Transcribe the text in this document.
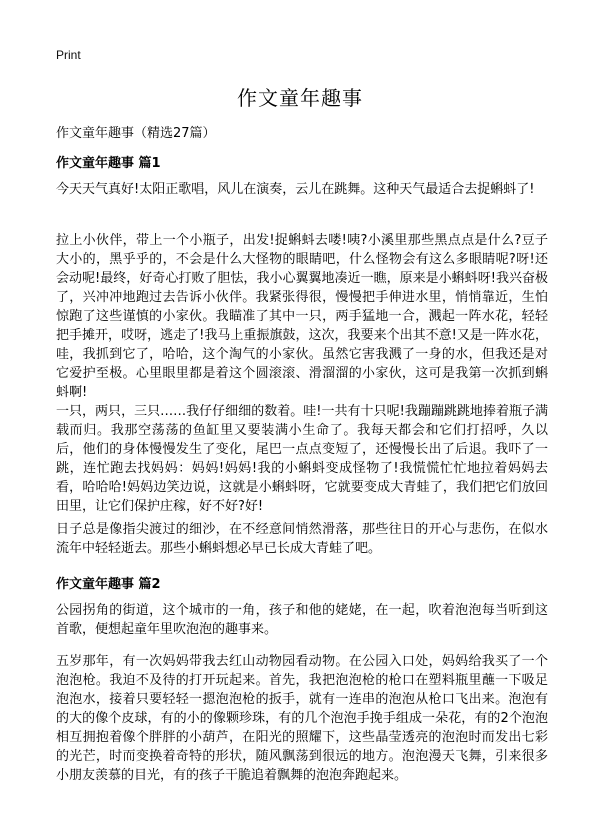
Print
作文童年趣事
作文童年趣事（精选27篇）
作文童年趣事 篇1
今天天气真好!太阳正歌唱，风儿在演奏，云儿在跳舞。这种天气最适合去捉蝌蚪了!
拉上小伙伴，带上一个小瓶子，出发!捉蝌蚪去喽!咦?小溪里那些黑点点是什么?豆子大小的，黑乎乎的，不会是什么大怪物的眼睛吧，什么怪物会有这么多眼睛呢?呀!还会动呢!最终，好奇心打败了胆怯，我小心翼翼地凑近一瞧，原来是小蝌蚪呀!我兴奋极了，兴冲冲地跑过去告诉小伙伴。我紧张得很，慢慢把手伸进水里，悄悄靠近，生怕惊跑了这些谨慎的小家伙。我瞄准了其中一只，两手猛地一合，溅起一阵水花，轻轻把手摊开，哎呀，逃走了!我马上重振旗鼓，这次，我要来个出其不意!又是一阵水花，哇，我抓到它了，哈哈，这个淘气的小家伙。虽然它害我溅了一身的水，但我还是对它爱护至极。心里眼里都是着这个圆滚滚、滑溜溜的小家伙，这可是我第一次抓到蝌蚪啊!
一只，两只，三只……我仔仔细细的数着。哇!一共有十只呢!我蹦蹦跳跳地捧着瓶子满载而归。我那空荡荡的鱼缸里又要装满小生命了。我每天都会和它们打招呼，久以后，他们的身体慢慢发生了变化，尾巴一点点变短了，还慢慢长出了后退。我吓了一跳，连忙跑去找妈妈：妈妈!妈妈!我的小蝌蚪变成怪物了!我慌慌忙忙地拉着妈妈去看，哈哈哈!妈妈边笑边说，这就是小蝌蚪呀，它就要变成大青蛙了，我们把它们放回田里，让它们保护庄稼，好不好?好!
日子总是像指尖渡过的细沙，在不经意间悄然滑落，那些往日的开心与悲伤，在似水流年中轻轻逝去。那些小蝌蚪想必早已长成大青蛙了吧。
作文童年趣事 篇2
公园拐角的街道，这个城市的一角，孩子和他的姥姥，在一起，吹着泡泡每当听到这首歌，便想起童年里吹泡泡的趣事来。
五岁那年，有一次妈妈带我去红山动物园看动物。在公园入口处，妈妈给我买了一个泡泡枪。我迫不及待的打开玩起来。首先，我把泡泡枪的枪口在塑料瓶里蘸一下吸足泡泡水，接着只要轻轻一摁泡泡枪的扳手，就有一连串的泡泡从枪口飞出来。泡泡有的大的像个皮球，有的小的像颗珍珠，有的几个泡泡手挽手组成一朵花，有的2个泡泡相互拥抱着像个胖胖的小葫芦，在阳光的照耀下，这些晶莹透亮的泡泡时而发出七彩的光芒，时而变换着奇特的形状，随风飘荡到很远的地方。泡泡漫天飞舞，引来很多小朋友羡慕的目光，有的孩子干脆追着飘舞的泡泡奔跑起来。
